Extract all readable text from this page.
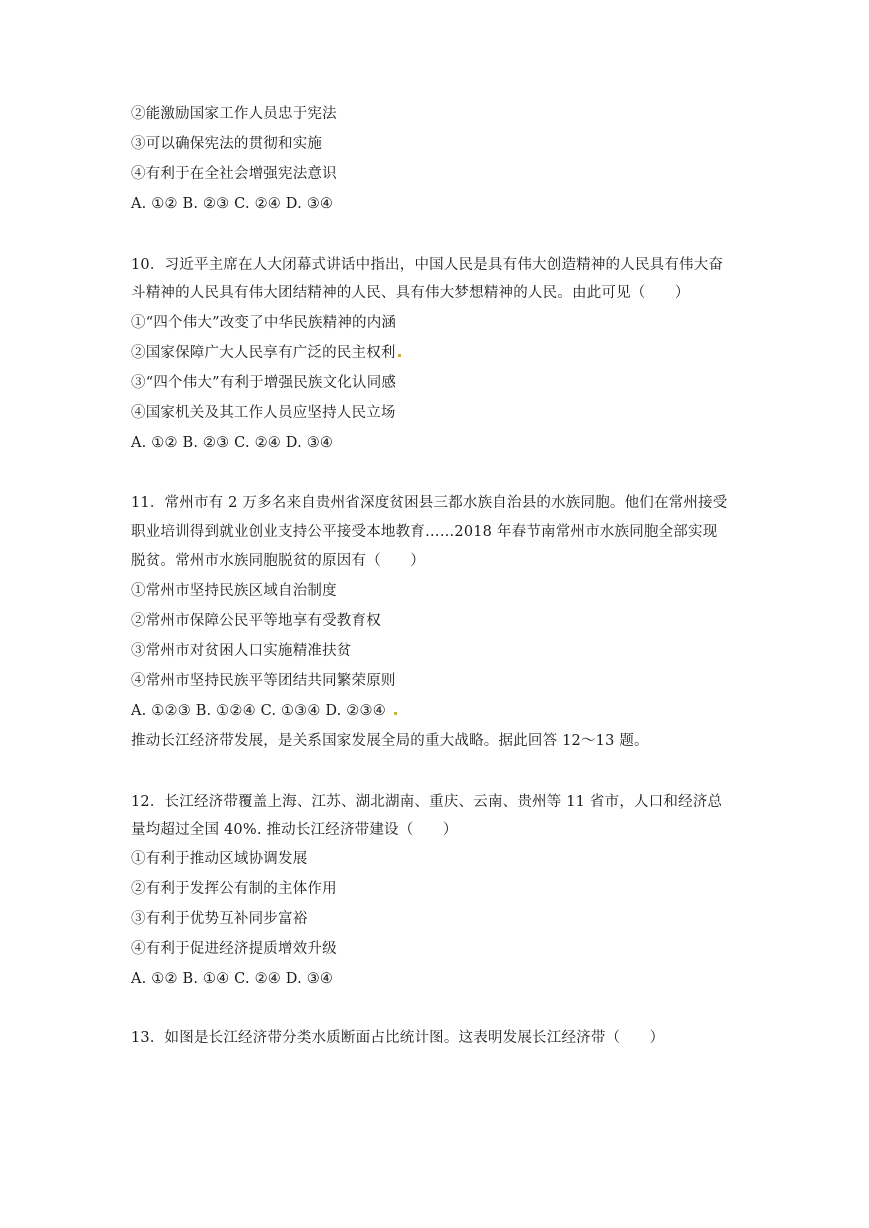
②能激励国家工作人员忠于宪法
③可以确保宪法的贯彻和实施
④有利于在全社会增强宪法意识
A. ①② B. ②③ C. ②④ D. ③④
10．习近平主席在人大闭幕式讲话中指出，中国人民是具有伟大创造精神的人民具有伟大奋
斗精神的人民具有伟大团结精神的人民、具有伟大梦想精神的人民。由此可见（　　）
①“四个伟大”改变了中华民族精神的内涵
②国家保障广大人民享有广泛的民主权利
③“四个伟大”有利于增强民族文化认同感
④国家机关及其工作人员应坚持人民立场
A. ①② B. ②③ C. ②④ D. ③④
11．常州市有 2 万多名来自贵州省深度贫困县三都水族自治县的水族同胞。他们在常州接受
职业培训得到就业创业支持公平接受本地教育……2018 年春节南常州市水族同胞全部实现
脱贫。常州市水族同胞脱贫的原因有（　　）
①常州市坚持民族区域自治制度
②常州市保障公民平等地享有受教育权
③常州市对贫困人口实施精准扶贫
④常州市坚持民族平等团结共同繁荣原则
A. ①②③ B. ①②④ C. ①③④ D. ②③④
推动长江经济带发展，是关系国家发展全局的重大战略。据此回答 12～13 题。
12．长江经济带覆盖上海、江苏、湖北湖南、重庆、云南、贵州等 11 省市，人口和经济总
量均超过全国 40%. 推动长江经济带建设（　　）
①有利于推动区域协调发展
②有利于发挥公有制的主体作用
③有利于优势互补同步富裕
④有利于促进经济提质增效升级
A. ①② B. ①④ C. ②④ D. ③④
13．如图是长江经济带分类水质断面占比统计图。这表明发展长江经济带（　　）
